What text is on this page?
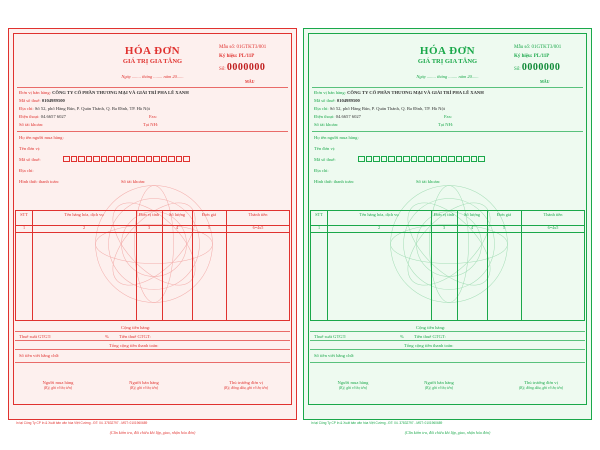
Mẫu số: 01GTKT3/001
Ký hiệu: PL/11P
HÓA ĐƠN
GIÁ TRỊ GIA TĂNG
Ngày ........ tháng ........ năm 20......
Số: 0000000
MẪU
Đơn vị bán hàng: CÔNG TY CỔ PHẦN THƯƠNG MẠI VÀ GIẢI TRÍ PHA LÊ XANH
Mã số thuế: 0104989500
Địa chỉ: Số 52, phố Hàng Bún, P. Quán Thánh, Q. Ba Đình, TP. Hà Nội
Điện thoại: 04.6657 6027	Fax:
Số tài khoản:	Tại NH:
Họ tên người mua hàng:
Tên đơn vị:
Mã số thuế:
Địa chỉ:
Hình thức thanh toán:	Số tài khoản:
STT	Tên hàng hóa, dịch vụ	Đơn vị tính	Số lượng	Đơn giá	Thành tiền
1	2	3	4	5	6=4x5
Cộng tiền hàng:
Thuế suất GTGT:	% Tiền thuế GTGT:
Tổng cộng tiền thanh toán:
Số tiền viết bằng chữ:
Người mua hàng
(Ký, ghi rõ họ tên)
Người bán hàng
(Ký, ghi rõ họ tên)
Thủ trưởng đơn vị
(Ký, đóng dấu, ghi rõ họ tên)
(Cần kiểm tra, đối chiếu khi lập, giao, nhận hóa đơn)
Mẫu số: 01GTKT3/001
Ký hiệu: PL/11P
HÓA ĐƠN
GIÁ TRỊ GIA TĂNG
Ngày ........ tháng ........ năm 20......
Số: 0000000
MẪU
Đơn vị bán hàng: CÔNG TY CỔ PHẦN THƯƠNG MẠI VÀ GIẢI TRÍ PHA LÊ XANH
Mã số thuế: 0104989500
Địa chỉ: Số 52, phố Hàng Bún, P. Quán Thánh, Q. Ba Đình, TP. Hà Nội
Điện thoại: 04.6657 6027	Fax:
Số tài khoản:	Tại NH:
Họ tên người mua hàng:
Tên đơn vị:
Mã số thuế:
Địa chỉ:
Hình thức thanh toán:	Số tài khoản:
STT	Tên hàng hóa, dịch vụ	Đơn vị tính	Số lượng	Đơn giá	Thành tiền
1	2	3	4	5	6=4x5
Cộng tiền hàng:
Thuế suất GTGT:	% Tiền thuế GTGT:
Tổng cộng tiền thanh toán:
Số tiền viết bằng chữ:
Người mua hàng
(Ký, ghi rõ họ tên)
Người bán hàng
(Ký, ghi rõ họ tên)
Thủ trưởng đơn vị
(Ký, đóng dấu, ghi rõ họ tên)
(Cần kiểm tra, đối chiếu khi lập, giao, nhận hóa đơn)
In tại Công Ty CP In & Xuất bản văn hóa Việt Cường - ĐT: 04. 37832797 - MST: 0101960689	In tại Công Ty CP In & Xuất bản văn hóa Việt Cường - ĐT: 04. 37832797 - MST: 0101960689
